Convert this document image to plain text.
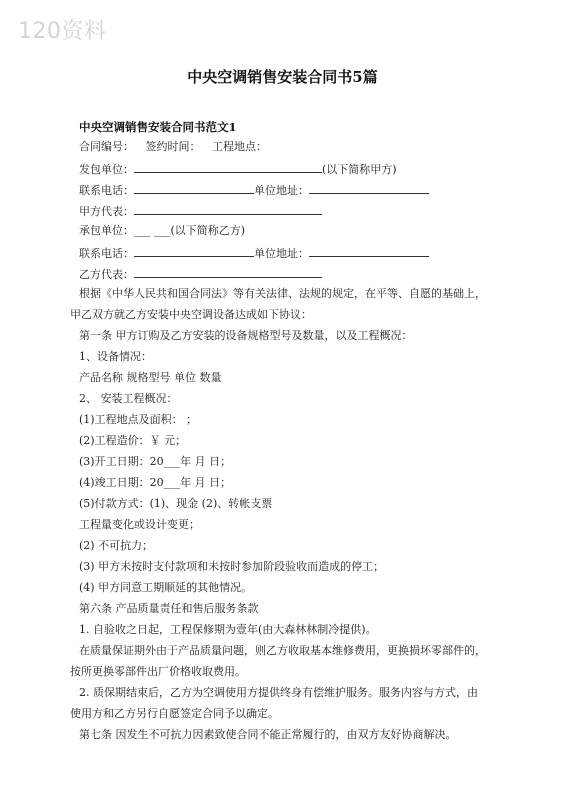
120资料
中央空调销售安装合同书5篇
中央空调销售安装合同书范文1
合同编号： 签约时间： 工程地点：
发包单位：	(以下简称甲方)
联系电话：	单位地址：
甲方代表：
承包单位：___ ___(以下简称乙方)
联系电话：	单位地址：
乙方代表：
根据《中华人民共和国合同法》等有关法律、法规的规定，在平等、自愿的基础上，
甲乙双方就乙方安装中央空调设备达成如下协议：
第一条 甲方订购及乙方安装的设备规格型号及数量，以及工程概况：
1、设备情况：
产品名称 规格型号 单位 数量
2、 安装工程概况：
(1)工程地点及面积： ；
(2)工程造价：￥ 元；
(3)开工日期：20___年 月 日；
(4)竣工日期：20___年 月 日；
(5)付款方式：(1)、现金 (2)、转帐支票
工程量变化或设计变更；
(2) 不可抗力；
(3) 甲方未按时支付款项和未按时参加阶段验收而造成的停工；
(4) 甲方同意工期顺延的其他情况。
第六条 产品质量责任和售后服务条款
1. 自验收之日起，工程保修期为壹年(由大森林林制冷提供)。
在质量保证期外由于产品质量问题，则乙方收取基本维修费用，更换损坏零部件的，
按所更换零部件出厂价格收取费用。
2. 质保期结束后，乙方为空调使用方提供终身有偿维护服务。服务内容与方式，由
使用方和乙方另行自愿签定合同予以确定。
第七条 因发生不可抗力因素致使合同不能正常履行的，由双方友好协商解决。
